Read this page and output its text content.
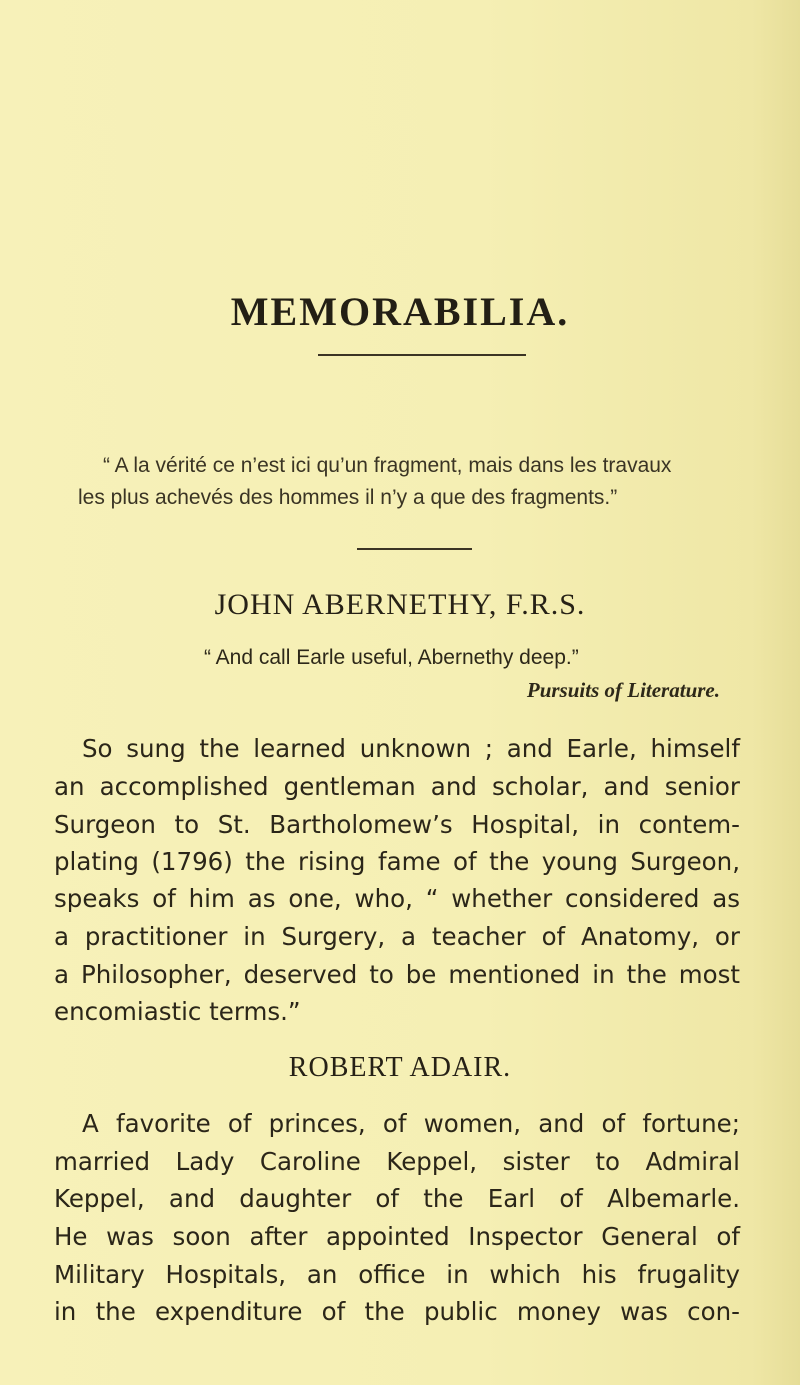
MEMORABILIA.
“ A la vérité ce n’est ici qu’un fragment, mais dans les travaux
les plus achevés des hommes il n’y a que des fragments.”
JOHN ABERNETHY, F.R.S.
“ And call Earle useful, Abernethy deep.”
Pursuits of Literature.
So sung the learned unknown ; and Earle, himself
an accomplished gentleman and scholar, and senior
Surgeon to St. Bartholomew’s Hospital, in contem-
plating (1796) the rising fame of the young Surgeon,
speaks of him as one, who, “ whether considered as
a practitioner in Surgery, a teacher of Anatomy, or
a Philosopher, deserved to be mentioned in the most
encomiastic terms.”
ROBERT ADAIR.
A favorite of princes, of women, and of fortune;
married Lady Caroline Keppel, sister to Admiral
Keppel, and daughter of the Earl of Albemarle.
He was soon after appointed Inspector General of
Military Hospitals, an office in which his frugality
in the expenditure of the public money was con-
